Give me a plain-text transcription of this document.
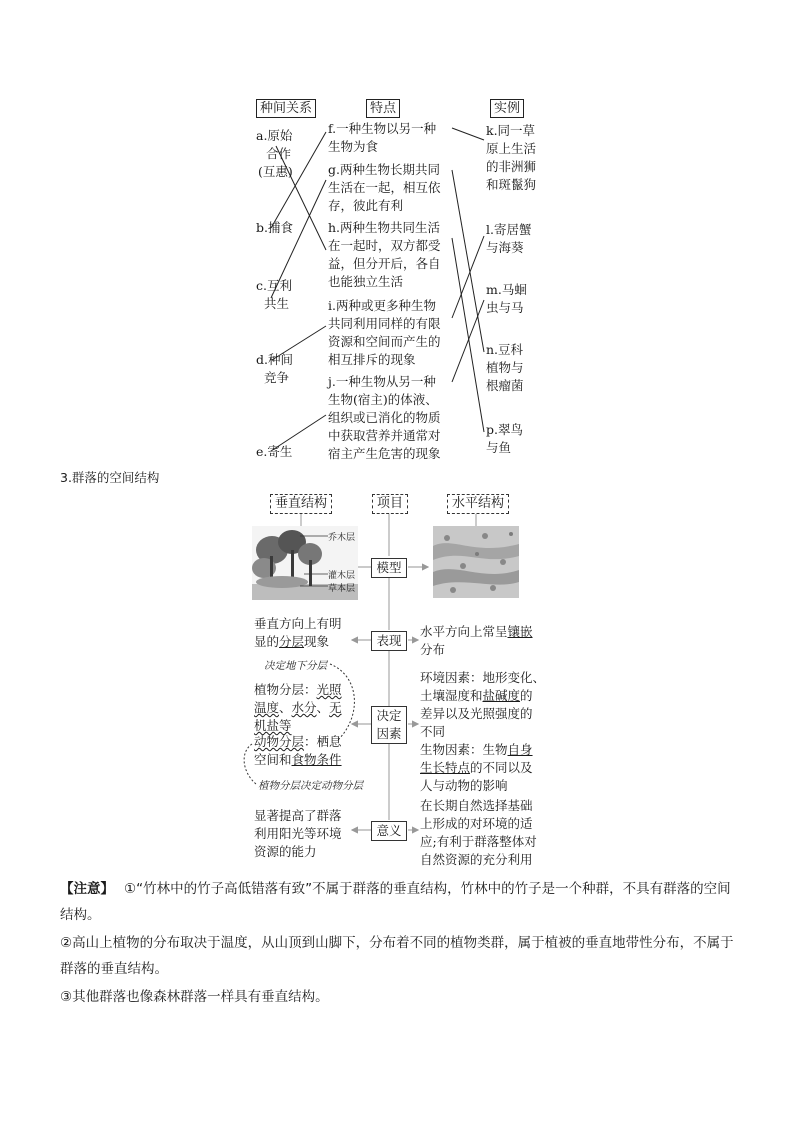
种间关系	特点	实例
a.原始
合作
(互惠)
b.捕食
c.互利
共生
d.种间
竞争
e.寄生
f.一种生物以另一种
生物为食
g.两种生物长期共同
生活在一起，相互依
存，彼此有利
h.两种生物共同生活
在一起时，双方都受
益，但分开后，各自
也能独立生活
i.两种或更多种生物
共同利用同样的有限
资源和空间而产生的
相互排斥的现象
j.一种生物从另一种
生物(宿主)的体液、
组织或已消化的物质
中获取营养并通常对
宿主产生危害的现象
k.同一草
原上生活
的非洲狮
和斑鬣狗
l.寄居蟹
与海葵
m.马蛔
虫与马
n.豆科
植物与
根瘤菌
p.翠鸟
与鱼
3.群落的空间结构
垂直结构	项目	水平结构
乔木层
灌木层
草本层
模型
表现
决定
因素
意义
垂直方向上有明
显的分层现象
水平方向上常呈镶嵌
分布
决定地下分层
植物分层决定动物分层
植物分层：光照
温度、水分、无
机盐等
动物分层：栖息
空间和食物条件
环境因素：地形变化、
土壤湿度和盐碱度的
差异以及光照强度的
不同
生物因素：生物自身
生长特点的不同以及
人与动物的影响
显著提高了群落
利用阳光等环境
资源的能力
在长期自然选择基础
上形成的对环境的适
应;有利于群落整体对
自然资源的充分利用
【注意】 ①“竹林中的竹子高低错落有致”不属于群落的垂直结构，竹林中的竹子是一个种群，不具有群落的空间结构。
②高山上植物的分布取决于温度，从山顶到山脚下，分布着不同的植物类群，属于植被的垂直地带性分布，不属于群落的垂直结构。
③其他群落也像森林群落一样具有垂直结构。
